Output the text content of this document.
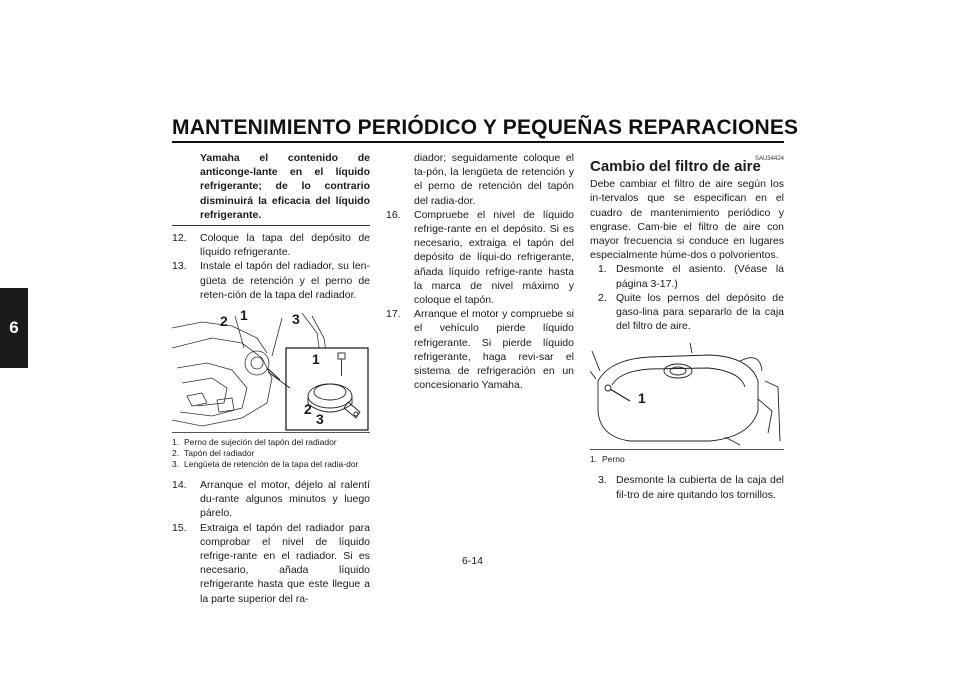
MANTENIMIENTO PERIÓDICO Y PEQUEÑAS REPARACIONES
6
Yamaha el contenido de anticonge-lante en el líquido refrigerante; de lo contrario disminuirá la eficacia del líquido refrigerante.
12.	Coloque la tapa del depósito de líquido refrigerante.
13.	Instale el tapón del radiador, su len-güeta de retención y el perno de reten-ción de la tapa del radiador.
2 1	3
1
2
3
1. Perno de sujeción del tapón del radiador
2. Tapón del radiador
3. Lengüeta de retención de la tapa del radia-dor
14.	Arranque el motor, déjelo al ralentí du-rante algunos minutos y luego párelo.
15.	Extraiga el tapón del radiador para comprobar el nivel de líquido refrige-rante en el radiador. Si es necesario, añada líquido refrigerante hasta que este llegue a la parte superior del ra-
diador; seguidamente coloque el ta-pón, la lengüeta de retención y el perno de retención del tapón del radia-dor.
16.	Compruebe el nivel de líquido refrige-rante en el depósito. Si es necesario, extraiga el tapón del depósito de líqui-do refrigerante, añada líquido refrige-rante hasta la marca de nivel máximo y coloque el tapón.
17.	Arranque el motor y compruebe si el vehículo pierde líquido refrigerante. Si pierde líquido refrigerante, haga revi-sar el sistema de refrigeración en un concesionario Yamaha.
SAU34424
Cambio del filtro de aire
Debe cambiar el filtro de aire según los in-tervalos que se especifican en el cuadro de mantenimiento periódico y engrase. Cam-bie el filtro de aire con mayor frecuencia si conduce en lugares especialmente húme-dos o polvorientos.
1. Desmonte el asiento. (Véase la página 3-17.)
2. Quite los pernos del depósito de gaso-lina para separarlo de la caja del filtro de aire.
1
1. Perno
3. Desmonte la cubierta de la caja del fil-tro de aire quitando los tornillos.
6-14
